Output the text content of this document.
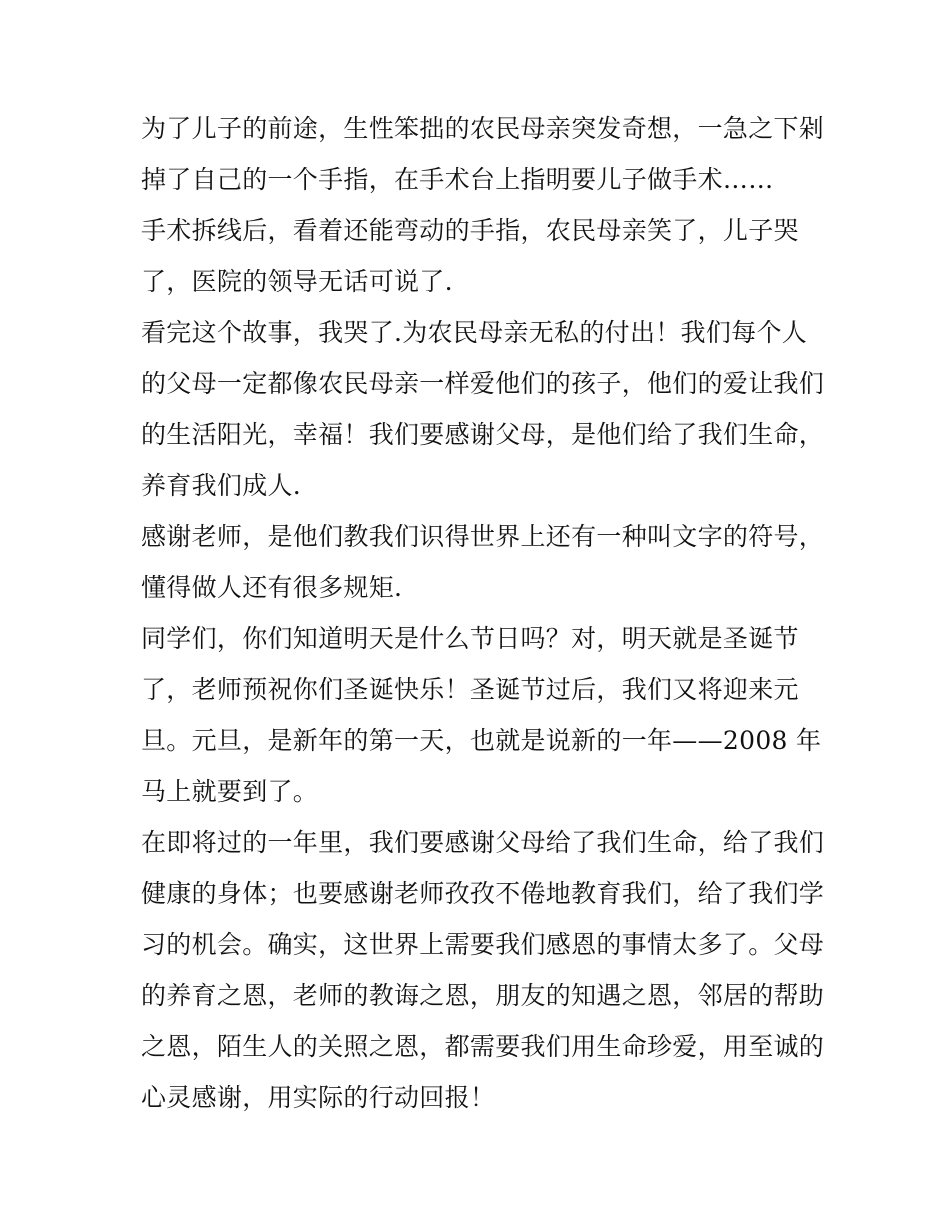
为了儿子的前途，生性笨拙的农民母亲突发奇想，一急之下剁
掉了自己的一个手指，在手术台上指明要儿子做手术……
手术拆线后，看着还能弯动的手指，农民母亲笑了，儿子哭
了，医院的领导无话可说了.
看完这个故事，我哭了.为农民母亲无私的付出！我们每个人
的父母一定都像农民母亲一样爱他们的孩子，他们的爱让我们
的生活阳光，幸福！我们要感谢父母，是他们给了我们生命，
养育我们成人.
感谢老师，是他们教我们识得世界上还有一种叫文字的符号，
懂得做人还有很多规矩.
同学们，你们知道明天是什么节日吗？对，明天就是圣诞节
了，老师预祝你们圣诞快乐！圣诞节过后，我们又将迎来元
旦。元旦，是新年的第一天，也就是说新的一年——2008 年
马上就要到了。
在即将过的一年里，我们要感谢父母给了我们生命，给了我们
健康的身体；也要感谢老师孜孜不倦地教育我们，给了我们学
习的机会。确实，这世界上需要我们感恩的事情太多了。父母
的养育之恩，老师的教诲之恩，朋友的知遇之恩，邻居的帮助
之恩，陌生人的关照之恩，都需要我们用生命珍爱，用至诚的
心灵感谢，用实际的行动回报！
